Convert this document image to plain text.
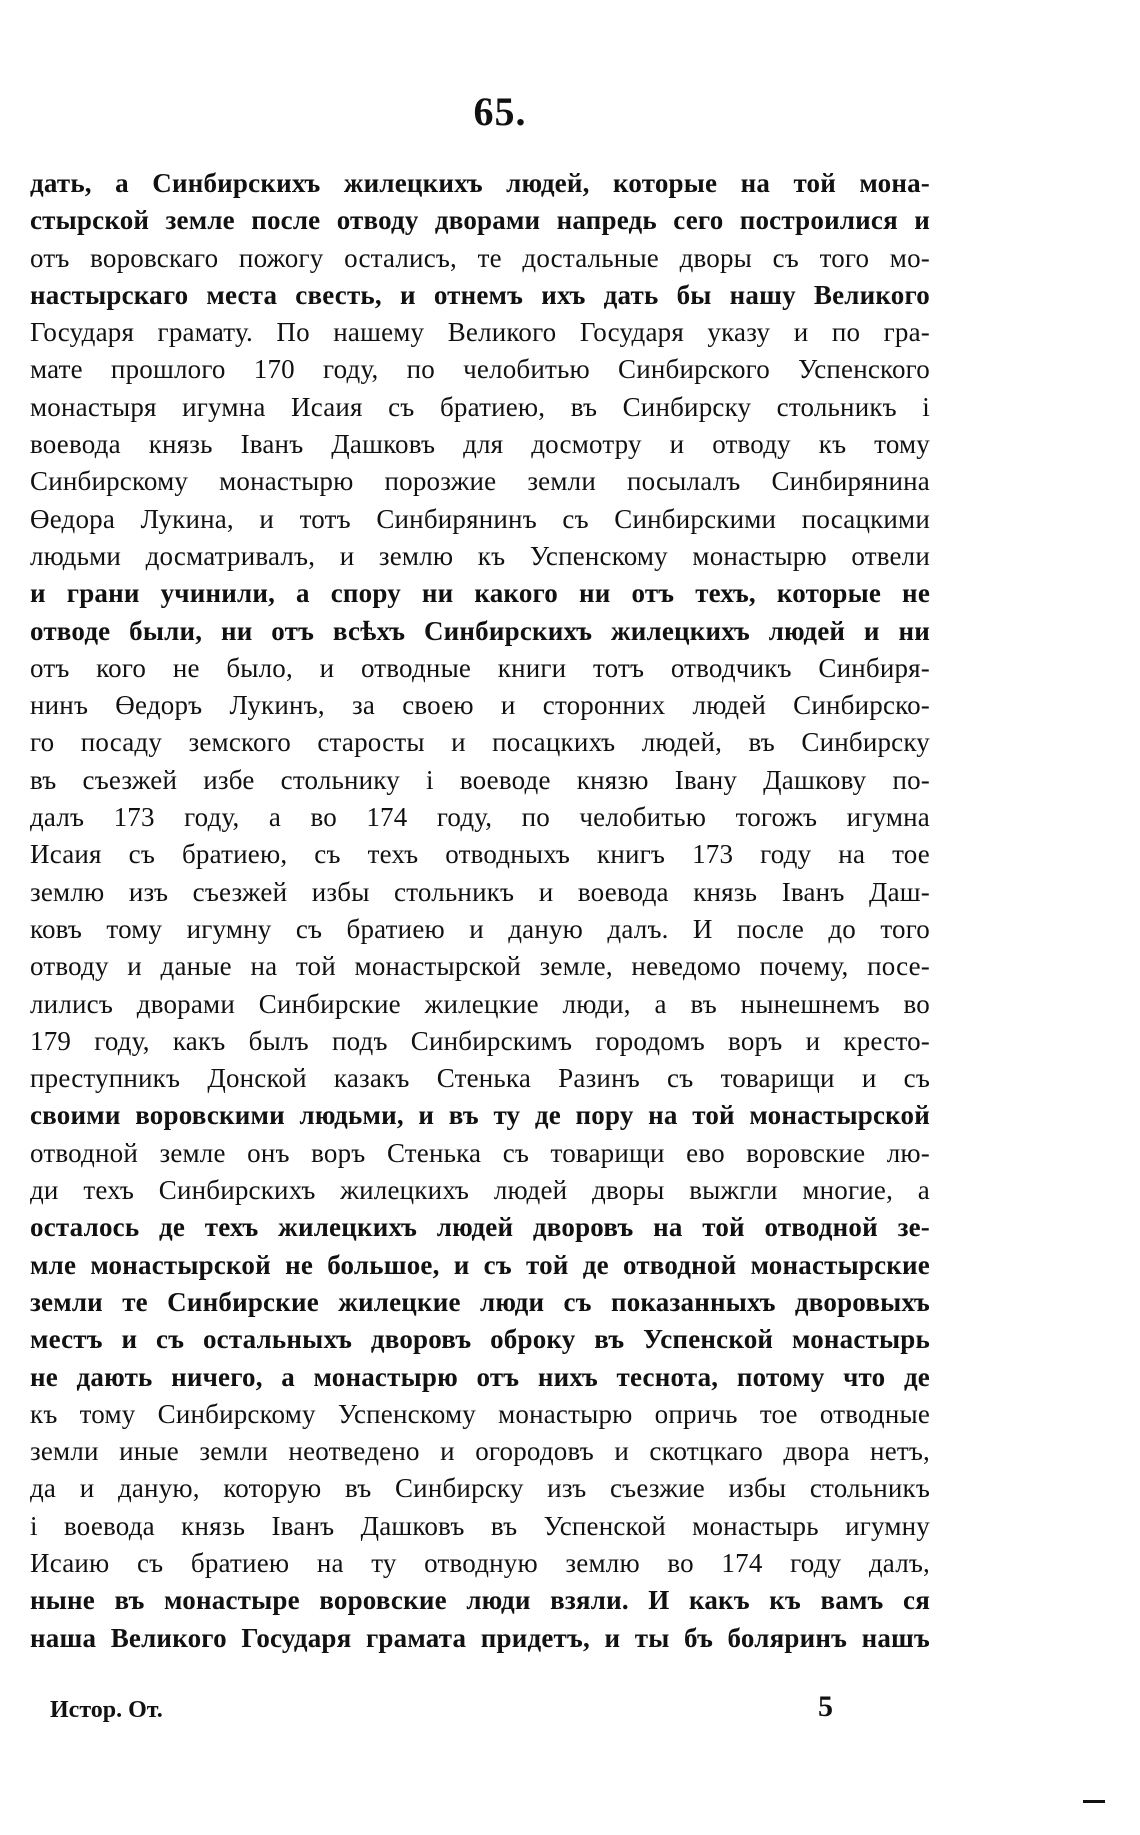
65.
дать, а Синбирскихъ жилецкихъ людей, которые на той мона-
стырской земле после отводу дворами напредь сего построилися и
отъ воровскаго пожогу осталисъ, те достальные дворы съ того мо-
настырскаго места свесть, и отнемъ ихъ дать бы нашу Великого
Государя грамату. По нашему Великого Государя указу и по гра-
мате прошлого 170 году, по челобитью Синбирского Успенского
монастыря игумна Исаия съ братиею, въ Синбирску стольникъ і
воевода князь Іванъ Дашковъ для досмотру и отводу къ тому
Синбирскому монастырю порозжие земли посылалъ Синбирянина
Өедора Лукина, и тотъ Синбирянинъ съ Синбирскими посацкими
людьми досматривалъ, и землю къ Успенскому монастырю отвели
и грани учинили, а спору ни какого ни отъ техъ, которые не
отводе были, ни отъ всѣхъ Синбирскихъ жилецкихъ людей и ни
отъ кого не было, и отводные книги тотъ отводчикъ Синбиря-
нинъ Өедоръ Лукинъ, за своею и сторонних людей Синбирско-
го посаду земского старосты и посацкихъ людей, въ Синбирску
въ съезжей избе стольнику і воеводе князю Івану Дашкову по-
далъ 173 году, а во 174 году, по челобитью тогожъ игумна
Исаия съ братиею, съ техъ отводныхъ книгъ 173 году на тое
землю изъ съезжей избы стольникъ и воевода князь Іванъ Даш-
ковъ тому игумну съ братиею и даную далъ. И после до того
отводу и даные на той монастырской земле, неведомо почему, посе-
лилисъ дворами Синбирские жилецкие люди, а въ нынешнемъ во
179 году, какъ былъ подъ Синбирскимъ городомъ воръ и кресто-
преступникъ Донской казакъ Стенька Разинъ съ товарищи и съ
своими воровскими людьми, и въ ту де пору на той монастырской
отводной земле онъ воръ Стенька съ товарищи ево воровские лю-
ди техъ Синбирскихъ жилецкихъ людей дворы выжгли многие, а
осталось де техъ жилецкихъ людей дворовъ на той отводной зе-
мле монастырской не большое, и съ той де отводной монастырские
земли те Синбирские жилецкие люди съ показанныхъ дворовыхъ
местъ и съ остальныхъ дворовъ оброку въ Успенской монастырь
не дають ничего, а монастырю отъ нихъ теснота, потому что де
къ тому Синбирскому Успенскому монастырю опричь тое отводные
земли иные земли неотведено и огородовъ и скотцкаго двора нетъ,
да и даную, которую въ Синбирску изъ съезжие избы стольникъ
і воевода князь Іванъ Дашковъ въ Успенской монастырь игумну
Исаию съ братиею на ту отводную землю во 174 году далъ,
ныне въ монастыре воровские люди взяли. И какъ къ вамъ ся
наша Великого Государя грамата придетъ, и ты бъ боляринъ нашъ
Истор. От.	5
